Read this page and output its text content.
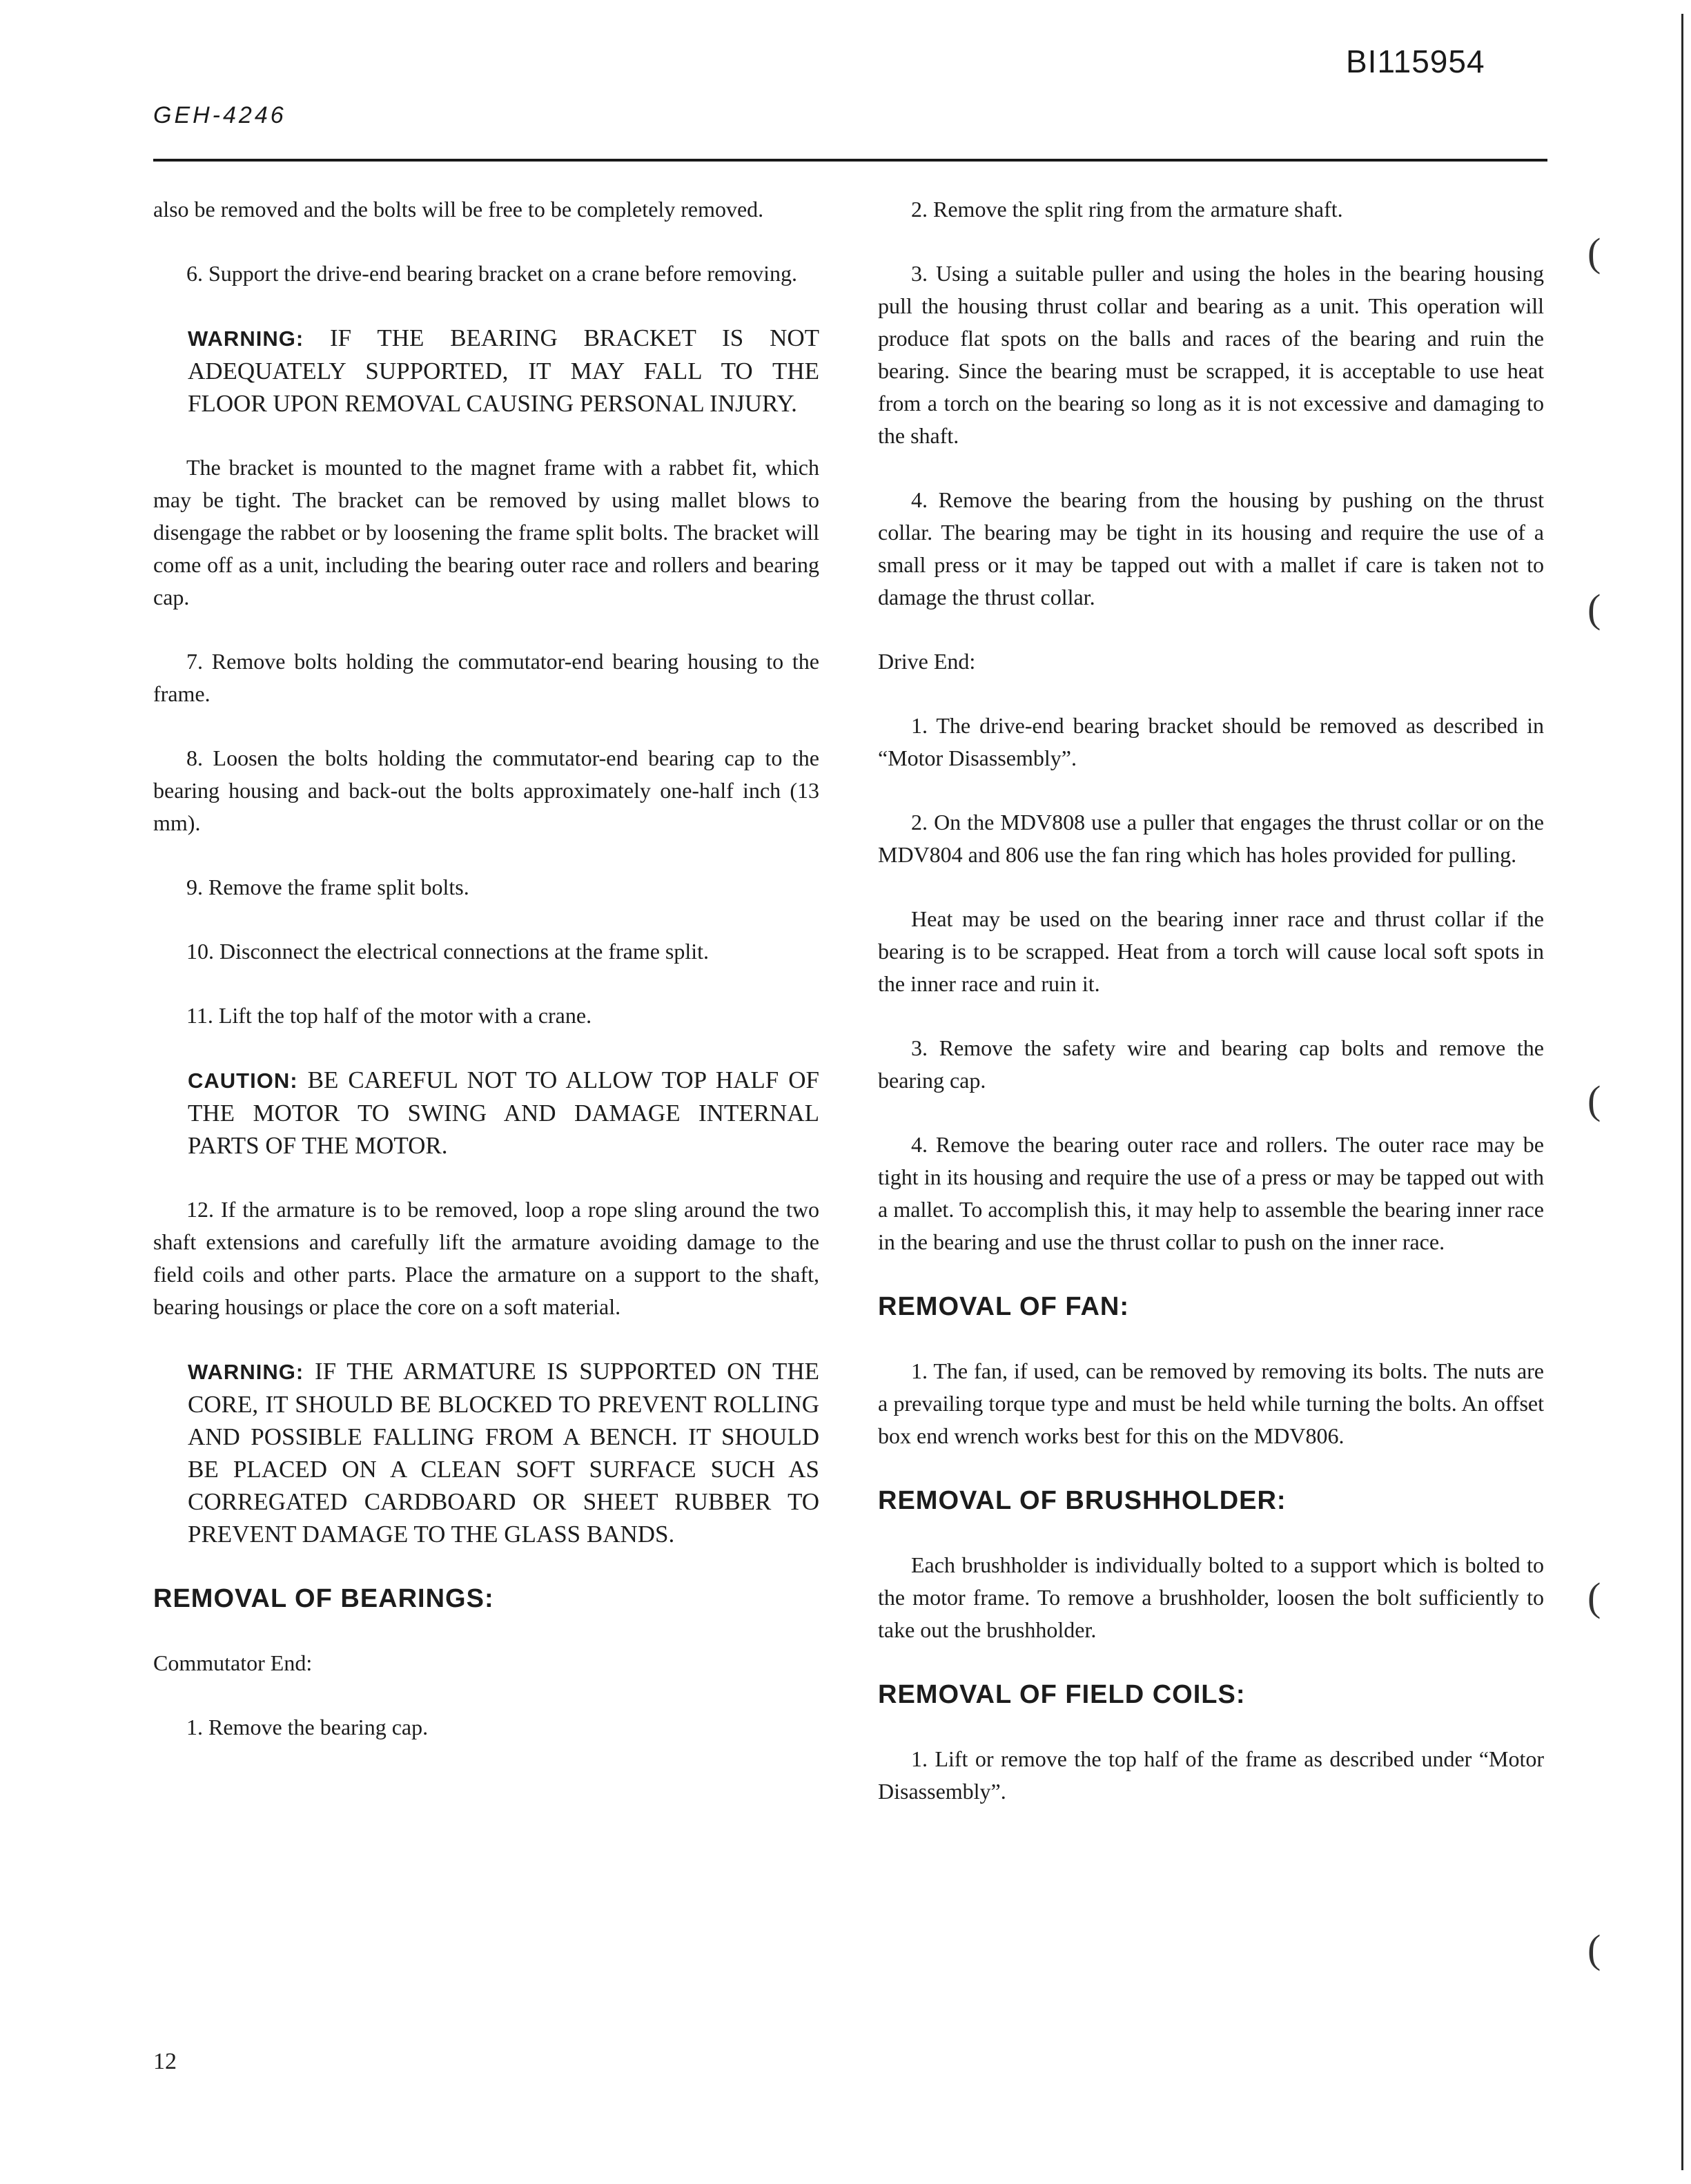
BI115954
GEH-4246

also be removed and the bolts will be free to be completely removed.

6. Support the drive-end bearing bracket on a crane before removing.

WARNING: IF THE BEARING BRACKET IS NOT ADEQUATELY SUPPORTED, IT MAY FALL TO THE FLOOR UPON REMOVAL CAUSING PERSONAL INJURY.

The bracket is mounted to the magnet frame with a rabbet fit, which may be tight. The bracket can be removed by using mallet blows to disengage the rabbet or by loosening the frame split bolts. The bracket will come off as a unit, including the bearing outer race and rollers and bearing cap.

7. Remove bolts holding the commutator-end bearing housing to the frame.

8. Loosen the bolts holding the commutator-end bearing cap to the bearing housing and back-out the bolts approximately one-half inch (13 mm).

9. Remove the frame split bolts.

10. Disconnect the electrical connections at the frame split.

11. Lift the top half of the motor with a crane.

CAUTION: BE CAREFUL NOT TO ALLOW TOP HALF OF THE MOTOR TO SWING AND DAMAGE INTERNAL PARTS OF THE MOTOR.

12. If the armature is to be removed, loop a rope sling around the two shaft extensions and carefully lift the armature avoiding damage to the field coils and other parts. Place the armature on a support to the shaft, bearing housings or place the core on a soft material.

WARNING: IF THE ARMATURE IS SUPPORTED ON THE CORE, IT SHOULD BE BLOCKED TO PREVENT ROLLING AND POSSIBLE FALLING FROM A BENCH. IT SHOULD BE PLACED ON A CLEAN SOFT SURFACE SUCH AS CORREGATED CARDBOARD OR SHEET RUBBER TO PREVENT DAMAGE TO THE GLASS BANDS.
REMOVAL OF BEARINGS:
Commutator End:

1. Remove the bearing cap.

2. Remove the split ring from the armature shaft.

3. Using a suitable puller and using the holes in the bearing housing pull the housing thrust collar and bearing as a unit. This operation will produce flat spots on the balls and races of the bearing and ruin the bearing. Since the bearing must be scrapped, it is acceptable to use heat from a torch on the bearing so long as it is not excessive and damaging to the shaft.

4. Remove the bearing from the housing by pushing on the thrust collar. The bearing may be tight in its housing and require the use of a small press or it may be tapped out with a mallet if care is taken not to damage the thrust collar.

Drive End:

1. The drive-end bearing bracket should be removed as described in “Motor Disassembly”.

2. On the MDV808 use a puller that engages the thrust collar or on the MDV804 and 806 use the fan ring which has holes provided for pulling.

Heat may be used on the bearing inner race and thrust collar if the bearing is to be scrapped. Heat from a torch will cause local soft spots in the inner race and ruin it.

3. Remove the safety wire and bearing cap bolts and remove the bearing cap.

4. Remove the bearing outer race and rollers. The outer race may be tight in its housing and require the use of a press or may be tapped out with a mallet. To accomplish this, it may help to assemble the bearing inner race in the bearing and use the thrust collar to push on the inner race.

REMOVAL OF FAN:

1. The fan, if used, can be removed by removing its bolts. The nuts are a prevailing torque type and must be held while turning the bolts. An offset box end wrench works best for this on the MDV806.

REMOVAL OF BRUSHHOLDER:

Each brushholder is individually bolted to a support which is bolted to the motor frame. To remove a brushholder, loosen the bolt sufficiently to take out the brushholder.

REMOVAL OF FIELD COILS:

1. Lift or remove the top half of the frame as described under “Motor Disassembly”.

12
(
(
(
(
(
